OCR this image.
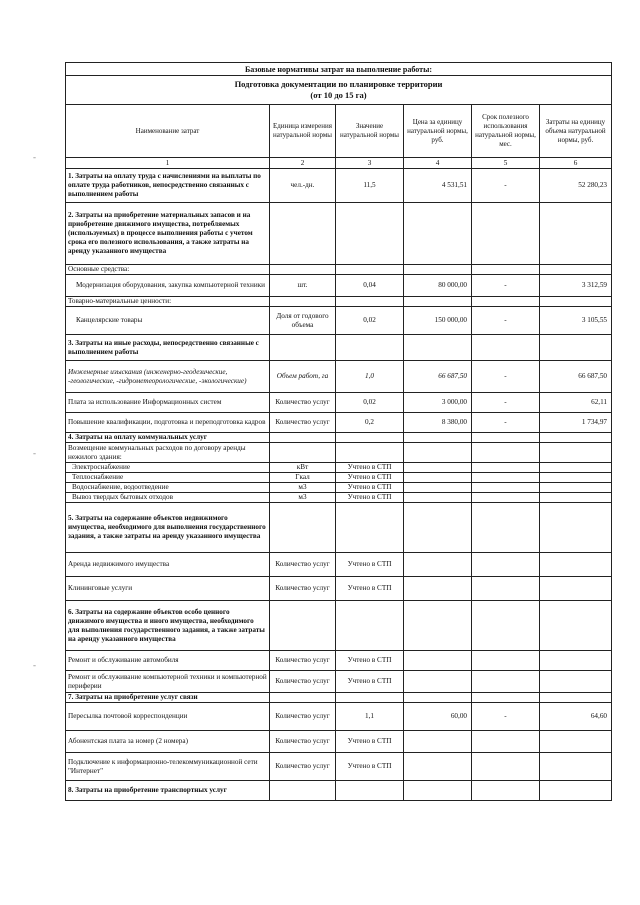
-
-
-
Базовые нормативы затрат на выполнение работы:					

Подготовка документации по планировке территории
(от 10 до 15 га)					

Наименование затрат	Единица измерения натуральной нормы	Значение натуральной нормы	Цена за единицу натуральной нормы, руб.	Срок полезного использования натуральной нормы, мес.	Затраты на единицу объема натуральной нормы, руб.
1	2	3	4	5	6
1. Затраты на оплату труда с начислениями на выплаты по оплате труда работников, непосредственно связанных с выполнением работы	чел.-дн.	11,5	4 531,51	-	52 280,23
2. Затраты на приобретение материальных запасов и на приобретение движимого имущества, потребляемых (используемых) в процессе выполнения работы с учетом срока его полезного использования, а также затраты на аренду указанного имущества					
Основные средства:					
Модернизация оборудования, закупка компьютерной техники	шт.	0,04	80 000,00	-	3 312,59
Товарно-материальные ценности:					
Канцелярские товары	Доля от годового объема	0,02	150 000,00	-	3 105,55
3. Затраты на иные расходы, непосредственно связанные с выполнением работы					
Инженерные изыскания (инженерно-геодезические, -геологические, -гидрометеорологические, -экологические)	Объем работ, га	1,0	66 687,50	-	66 687,50
Плата за использование Информационных систем	Количество услуг	0,02	3 000,00	-	62,11
Повышение квалификации, подготовка и переподготовка кадров	Количество услуг	0,2	8 380,00	-	1 734,97
4. Затраты на оплату коммунальных услуг					
Возмещение коммунальных расходов по договору аренды нежилого здания:					
Электроснабжение	кВт	Учтено в СТП			
Теплоснабжение	Гкал	Учтено в СТП			
Водоснабжение, водоотведение	м3	Учтено в СТП			
Вывоз твердых бытовых отходов	м3	Учтено в СТП			
5. Затраты на содержание объектов недвижимого имущества, необходимого для выполнения государственного задания, а также затраты на аренду указанного имущества					
Аренда недвижимого имущества	Количество услуг	Учтено в СТП			
Клининговые услуги	Количество услуг	Учтено в СТП			
6. Затраты на содержание объектов особо ценного движимого имущества и иного имущества, необходимого для выполнения государственного задания, а также затраты на аренду указанного имущества					
Ремонт и обслуживание автомобиля	Количество услуг	Учтено в СТП			
Ремонт и обслуживание компьютерной техники и компьютерной периферии	Количество услуг	Учтено в СТП			
7. Затраты на приобретение услуг связи					
Пересылка почтовой корреспонденции	Количество услуг	1,1	60,00	-	64,60
Абонентская плата за номер (2 номера)	Количество услуг	Учтено в СТП			
Подключение к информационно-телекоммуникационной сети "Интернет"	Количество услуг	Учтено в СТП			
8. Затраты на приобретение транспортных услуг					
